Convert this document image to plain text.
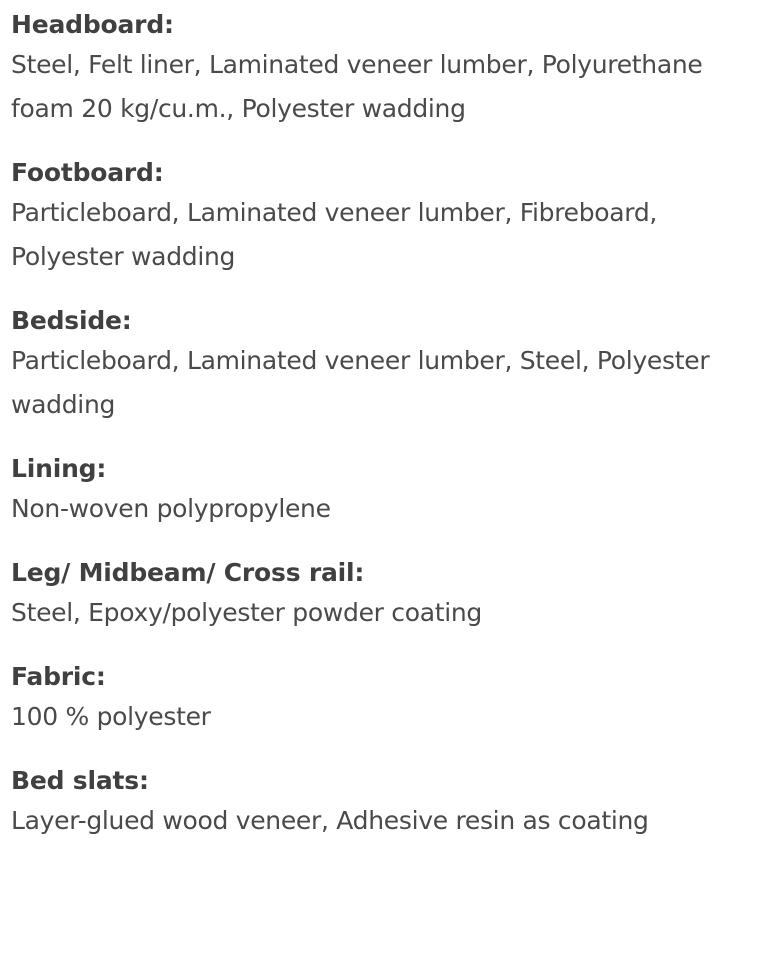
Headboard:
Steel, Felt liner, Laminated veneer lumber, Polyurethane foam 20 kg/cu.m., Polyester wadding
Footboard:
Particleboard, Laminated veneer lumber, Fibreboard, Polyester wadding
Bedside:
Particleboard, Laminated veneer lumber, Steel, Polyester wadding
Lining:
Non-woven polypropylene
Leg/ Midbeam/ Cross rail:
Steel, Epoxy/polyester powder coating
Fabric:
100 % polyester
Bed slats:
Layer-glued wood veneer, Adhesive resin as coating
